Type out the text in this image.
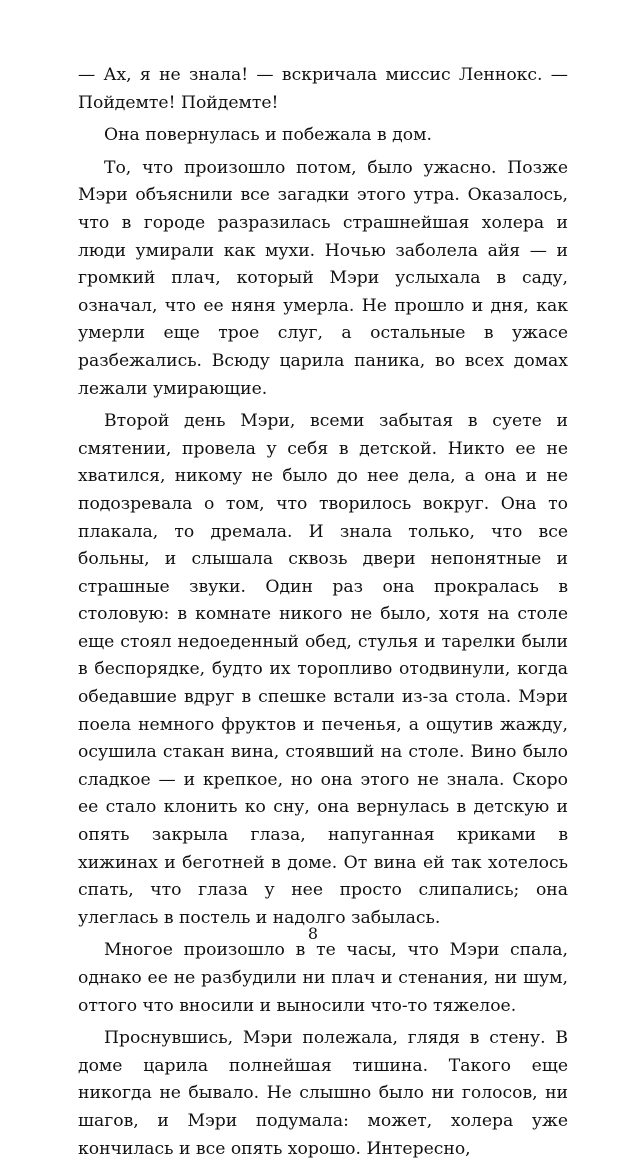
— Ах, я не знала! — вскричала миссис Леннокс. — Пойдемте! Пойдемте!

Она повернулась и побежала в дом.

То, что произошло потом, было ужасно. Позже Мэри объяснили все загадки этого утра. Оказалось, что в городе разразилась страшнейшая холера и люди умирали как мухи. Ночью заболела айя — и громкий плач, который Мэри услыхала в саду, означал, что ее няня умерла. Не прошло и дня, как умерли еще трое слуг, а остальные в ужасе разбежались. Всюду царила паника, во всех домах лежали умирающие.

Второй день Мэри, всеми забытая в суете и смятении, провела у себя в детской. Никто ее не хватился, никому не было до нее дела, а она и не подозревала о том, что творилось вокруг. Она то плакала, то дремала. И знала только, что все больны, и слышала сквозь двери непонятные и страшные звуки. Один раз она прокралась в столовую: в комнате никого не было, хотя на столе еще стоял недоеденный обед, стулья и тарелки были в беспорядке, будто их торопливо отодвинули, когда обедавшие вдруг в спешке встали из-за стола. Мэри поела немного фруктов и печенья, а ощутив жажду, осушила стакан вина, стоявший на столе. Вино было сладкое — и крепкое, но она этого не знала. Скоро ее стало клонить ко сну, она вернулась в детскую и опять закрыла глаза, напуганная криками в хижинах и беготней в доме. От вина ей так хотелось спать, что глаза у нее просто слипались; она улеглась в постель и надолго забылась.

Многое произошло в те часы, что Мэри спала, однако ее не разбудили ни плач и стенания, ни шум, оттого что вносили и выносили что-то тяжелое.

Проснувшись, Мэри полежала, глядя в стену. В доме царила полнейшая тишина. Такого еще никогда не бывало. Не слышно было ни голосов, ни шагов, и Мэри подумала: может, холера уже кончилась и все опять хорошо. Интересно,

8
